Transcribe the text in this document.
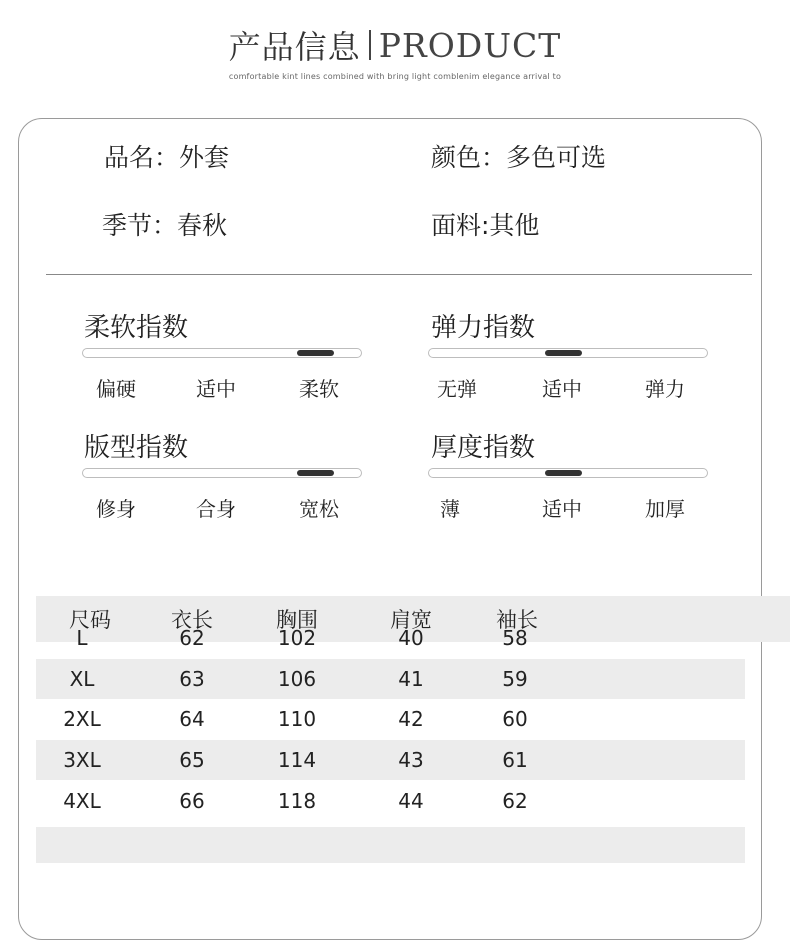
产品信息 PRODUCT
comfortable kint lines combined with bring light comblenim elegance arrival to
品名：外套	颜色：多色可选
季节：春秋	面料:其他
柔软指数
偏硬	适中	柔软
弹力指数
无弹	适中	弹力
版型指数
修身	合身	宽松
厚度指数
薄	适中	加厚
尺码	衣长	胸围	肩宽	袖长
L	62	102	40	58
XL	63	106	41	59
2XL	64	110	42	60
3XL	65	114	43	61
4XL	66	118	44	62
